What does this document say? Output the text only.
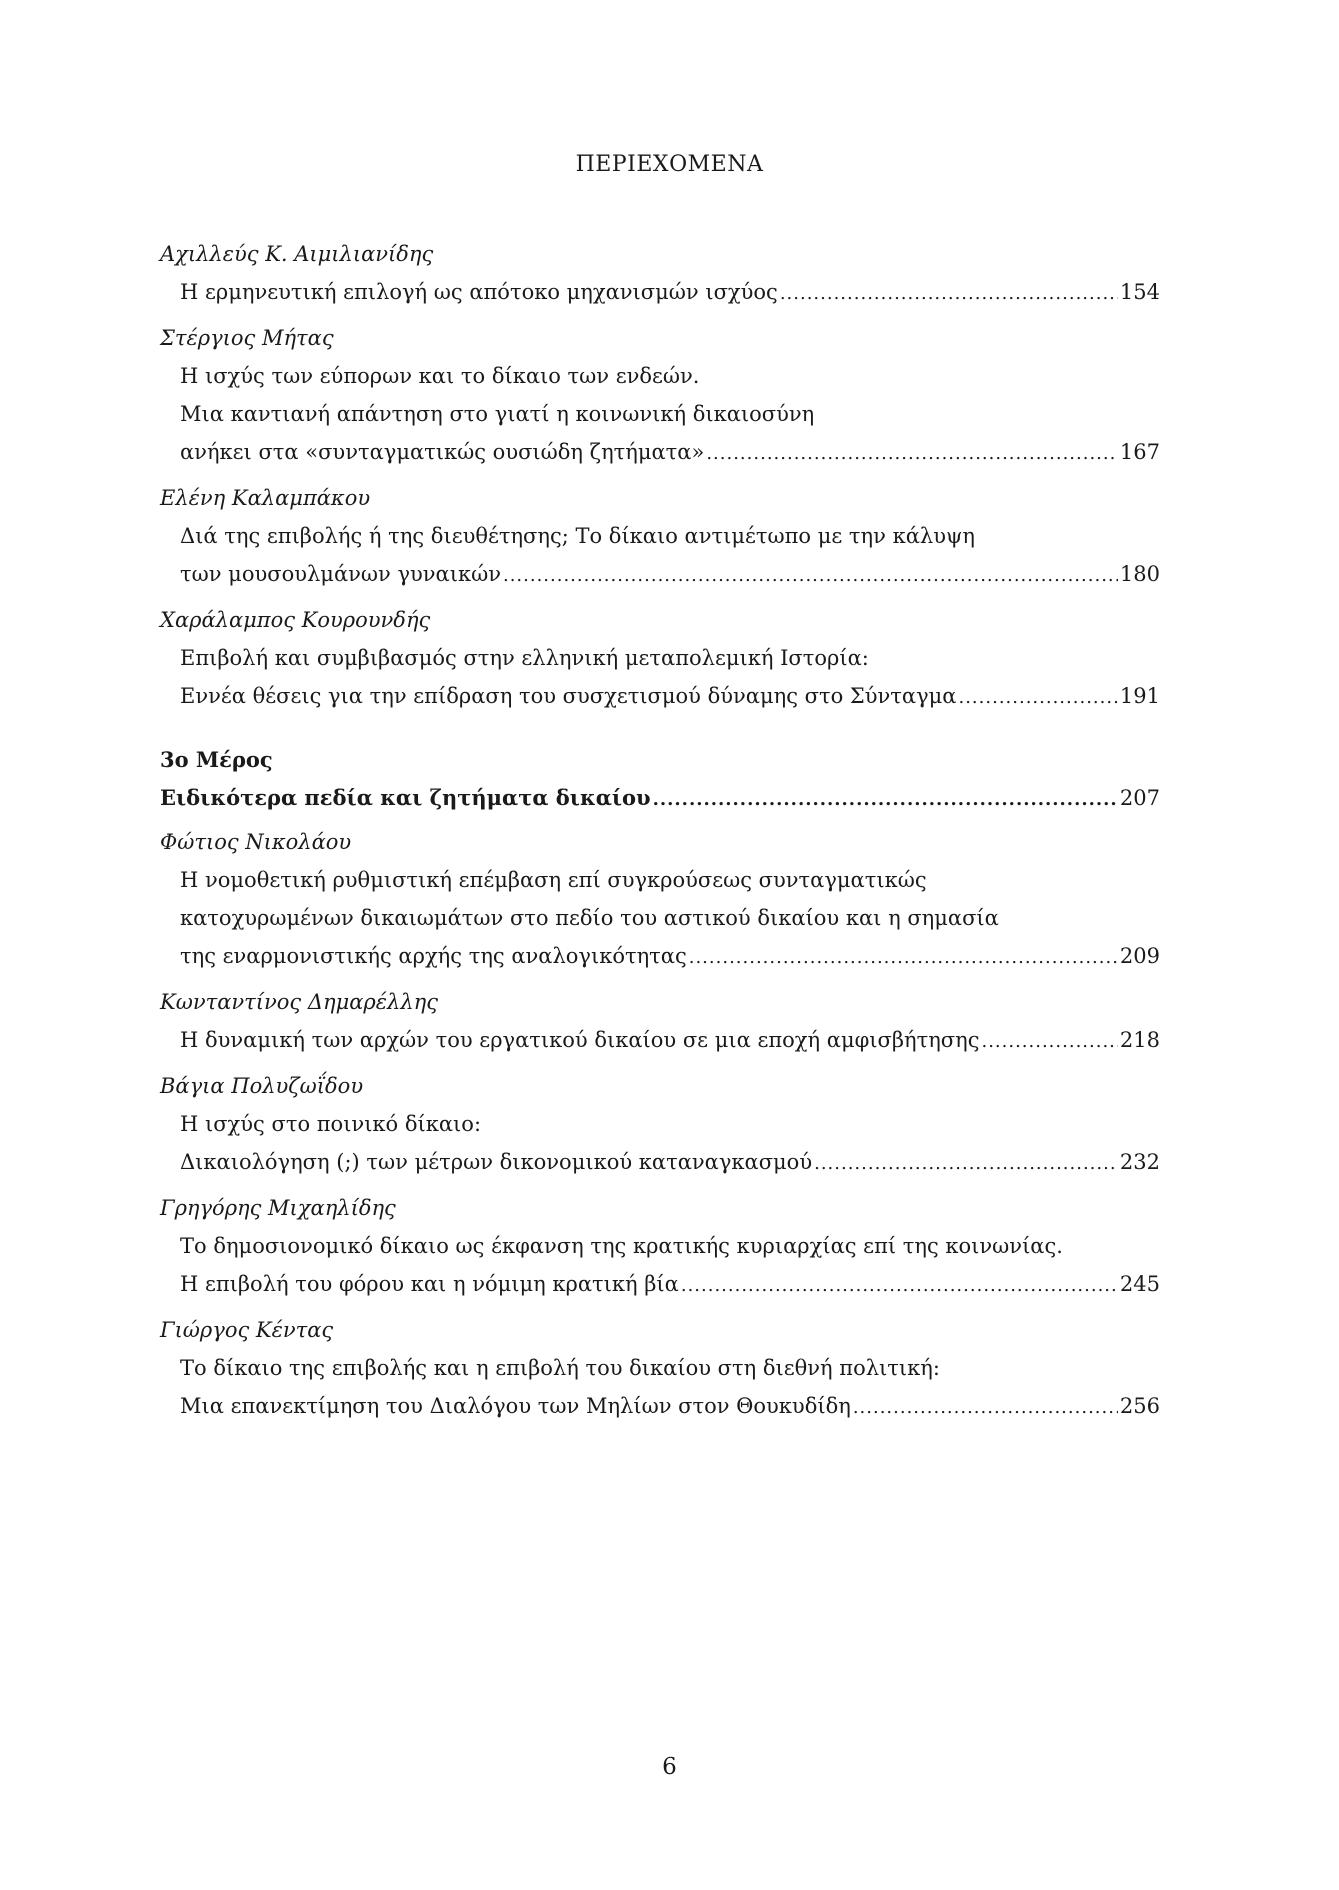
ΠΕΡΙΕΧΟΜΕΝΑ
Αχιλλεύς Κ. Αιμιλιανίδης
Η ερμηνευτική επιλογή ως απότοκο μηχανισμών ισχύος .....	154
Στέργιος Μήτας
Η ισχύς των εύπορων και το δίκαιο των ενδεών.
Μια καντιανή απάντηση στο γιατί η κοινωνική δικαιοσύνη
ανήκει στα «συνταγματικώς ουσιώδη ζητήματα» .....	167
Ελένη Καλαμπάκου
Διά της επιβολής ή της διευθέτησης; Το δίκαιο αντιμέτωπο με την κάλυψη
των μουσουλμάνων γυναικών .....	180
Χαράλαμπος Κουρουνδής
Επιβολή και συμβιβασμός στην ελληνική μεταπολεμική Ιστορία:
Εννέα θέσεις για την επίδραση του συσχετισμού δύναμης στο Σύνταγμα .....	191
3ο Μέρος
Ειδικότερα πεδία και ζητήματα δικαίου .....	207
Φώτιος Νικολάου
Η νομοθετική ρυθμιστική επέμβαση επί συγκρούσεως συνταγματικώς
κατοχυρωμένων δικαιωμάτων στο πεδίο του αστικού δικαίου και η σημασία
της εναρμονιστικής αρχής της αναλογικότητας .....	209
Κωνταντίνος Δημαρέλλης
Η δυναμική των αρχών του εργατικού δικαίου σε μια εποχή αμφισβήτησης .....	218
Βάγια Πολυζωΐδου
Η ισχύς στο ποινικό δίκαιο:
Δικαιολόγηση (;) των μέτρων δικονομικού καταναγκασμού .....	232
Γρηγόρης Μιχαηλίδης
Το δημοσιονομικό δίκαιο ως έκφανση της κρατικής κυριαρχίας επί της κοινωνίας.
Η επιβολή του φόρου και η νόμιμη κρατική βία .....	245
Γιώργος Κέντας
Το δίκαιο της επιβολής και η επιβολή του δικαίου στη διεθνή πολιτική:
Μια επανεκτίμηση του Διαλόγου των Μηλίων στον Θουκυδίδη .....	256
6
